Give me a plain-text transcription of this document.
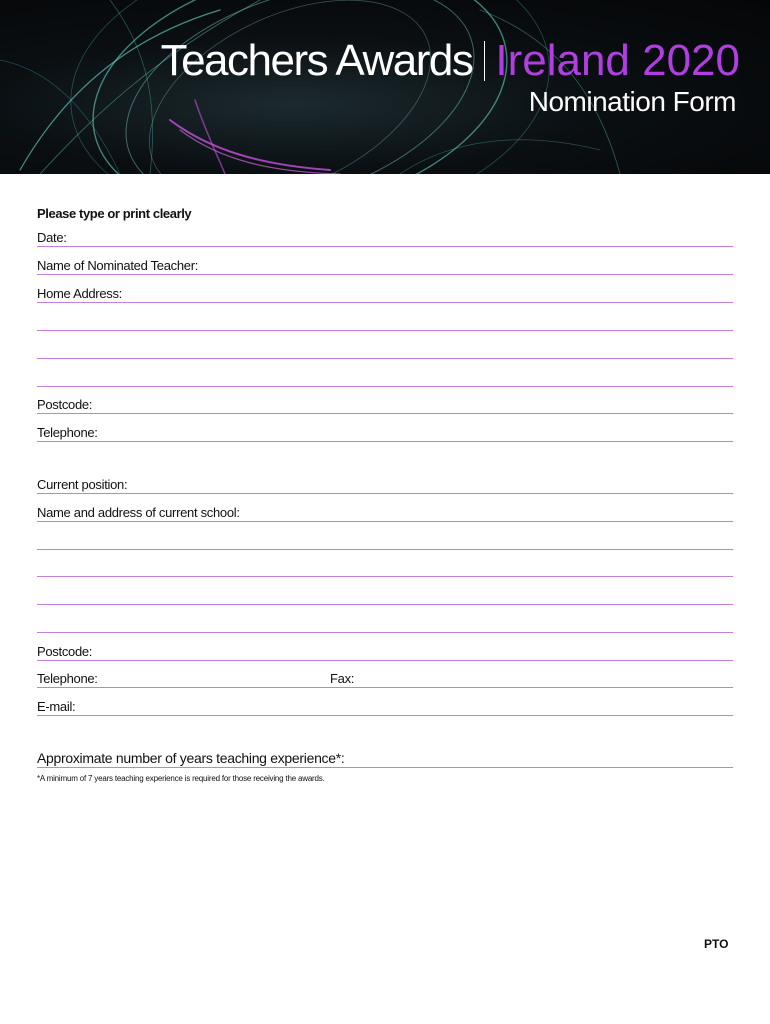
Teachers Awards Ireland 2020
Nomination Form
Please type or print clearly
Date:
Name of Nominated Teacher:
Home Address:
Postcode:
Telephone:
Current position:
Name and address of current school:
Postcode:
Telephone:	Fax:
E-mail:
Approximate number of years teaching experience*:
*A minimum of 7 years teaching experience is required for those receiving the awards.
PTO
